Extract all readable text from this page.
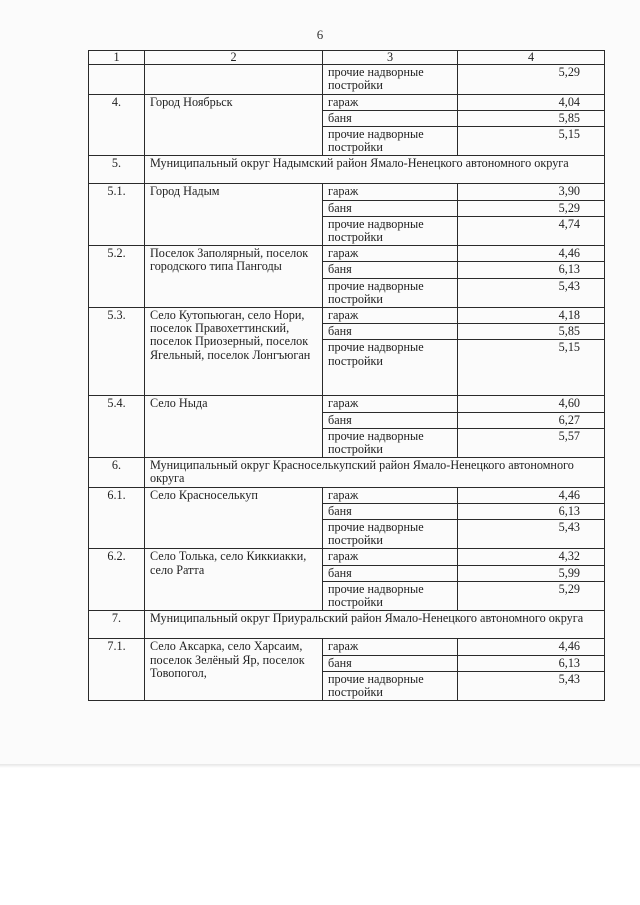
6
1	2	3	4
		прочие надворные постройки	5,29
4.	Город Ноябрьск	гараж	4,04
		баня	5,85
		прочие надворные постройки	5,15
5.	Муниципальный округ Надымский район Ямало-Ненецкого автономного округа		
5.1.	Город Надым	гараж	3,90
		баня	5,29
		прочие надворные постройки	4,74
5.2.	Поселок Заполярный, поселок городского типа Пангоды	гараж	4,46
		баня	6,13
		прочие надворные постройки	5,43
5.3.	Село Кутопьюган, село Нори, поселок Правохеттинский, поселок Приозерный, поселок Ягельный, поселок Лонгъюган	гараж	4,18
		баня	5,85
		прочие надворные постройки	5,15
5.4.	Село Ныда	гараж	4,60
		баня	6,27
		прочие надворные постройки	5,57
6.	Муниципальный округ Красноселькупский район Ямало-Ненецкого автономного округа		
6.1.	Село Красноселькуп	гараж	4,46
		баня	6,13
		прочие надворные постройки	5,43
6.2.	Село Толька, село Киккиакки, село Ратта	гараж	4,32
		баня	5,99
		прочие надворные постройки	5,29
7.	Муниципальный округ Приуральский район Ямало-Ненецкого автономного округа		
7.1.	Село Аксарка, село Харсаим, поселок Зелёный Яр, поселок Товопогол,	гараж	4,46
		баня	6,13
		прочие надворные постройки	5,43
